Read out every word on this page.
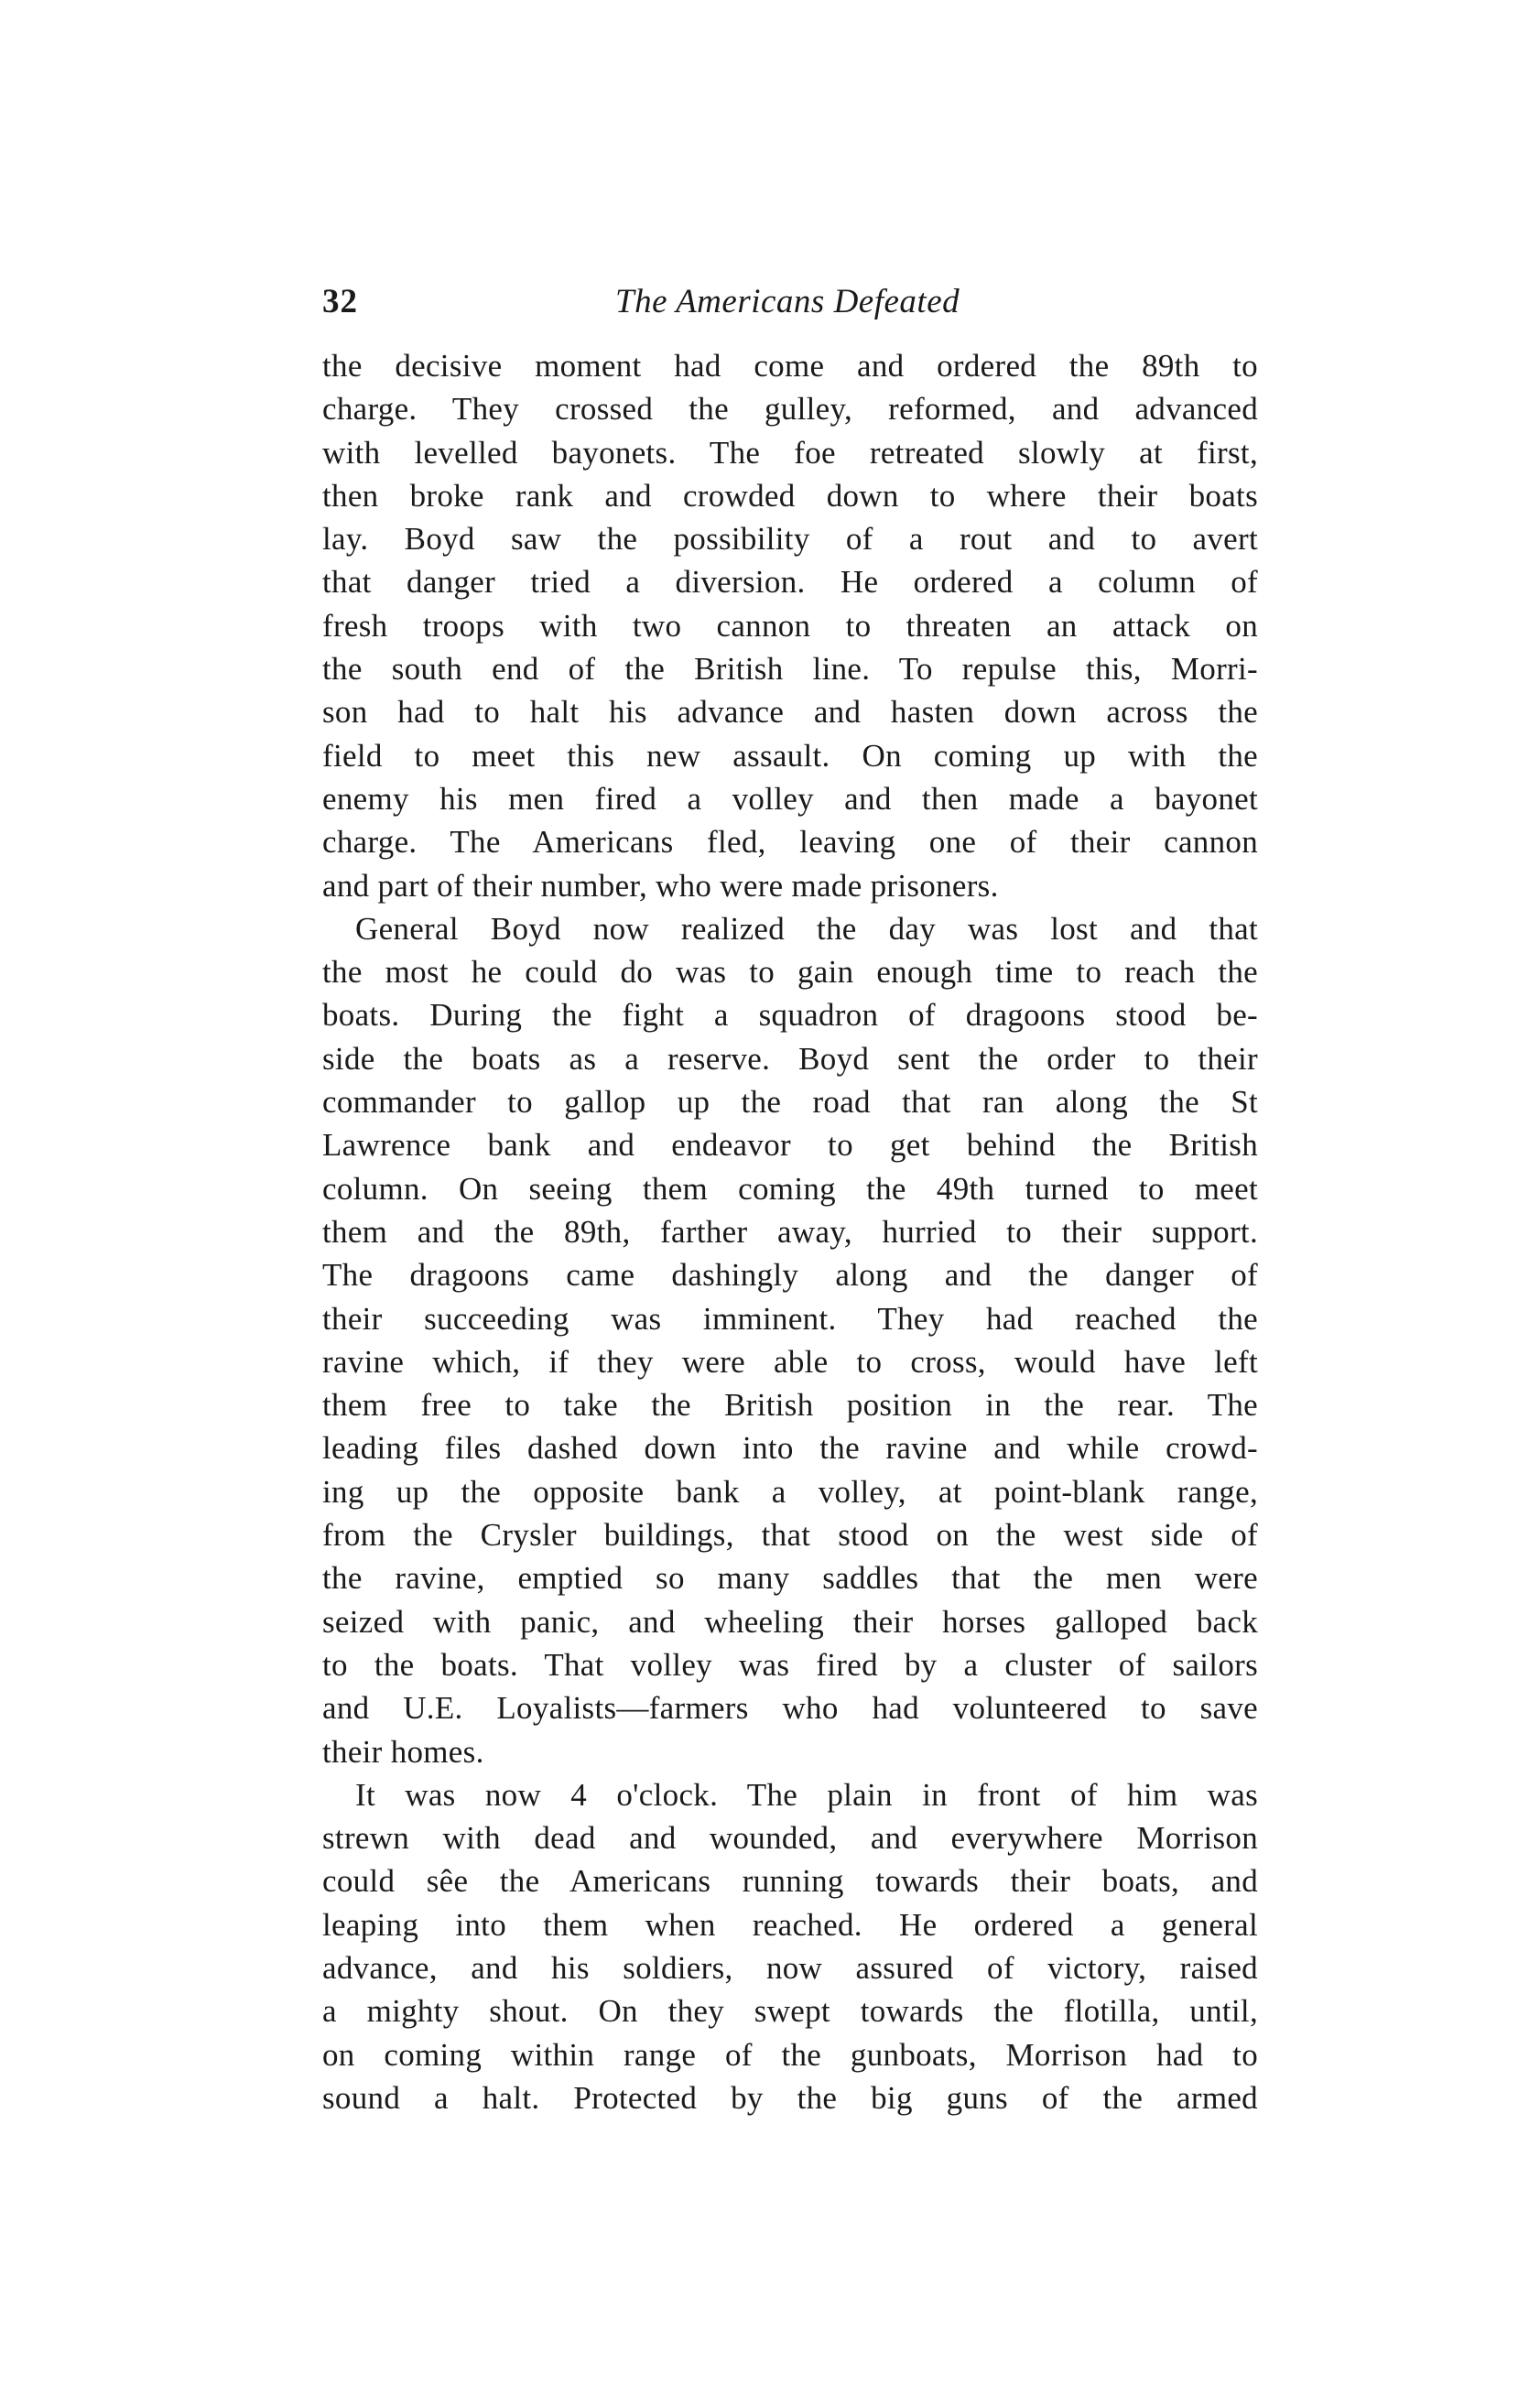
32	The Americans Defeated
the decisive moment had come and ordered the 89th to
charge. They crossed the gulley, reformed, and advanced
with levelled bayonets. The foe retreated slowly at first,
then broke rank and crowded down to where their boats
lay. Boyd saw the possibility of a rout and to avert
that danger tried a diversion. He ordered a column of
fresh troops with two cannon to threaten an attack on
the south end of the British line. To repulse this, Morri-
son had to halt his advance and hasten down across the
field to meet this new assault. On coming up with the
enemy his men fired a volley and then made a bayonet
charge. The Americans fled, leaving one of their cannon
and part of their number, who were made prisoners.
General Boyd now realized the day was lost and that
the most he could do was to gain enough time to reach the
boats. During the fight a squadron of dragoons stood be-
side the boats as a reserve. Boyd sent the order to their
commander to gallop up the road that ran along the St
Lawrence bank and endeavor to get behind the British
column. On seeing them coming the 49th turned to meet
them and the 89th, farther away, hurried to their support.
The dragoons came dashingly along and the danger of
their succeeding was imminent. They had reached the
ravine which, if they were able to cross, would have left
them free to take the British position in the rear. The
leading files dashed down into the ravine and while crowd-
ing up the opposite bank a volley, at point-blank range,
from the Crysler buildings, that stood on the west side of
the ravine, emptied so many saddles that the men were
seized with panic, and wheeling their horses galloped back
to the boats. That volley was fired by a cluster of sailors
and U.E. Loyalists—farmers who had volunteered to save
their homes.
It was now 4 o'clock. The plain in front of him was
strewn with dead and wounded, and everywhere Morrison
could sêe the Americans running towards their boats, and
leaping into them when reached. He ordered a general
advance, and his soldiers, now assured of victory, raised
a mighty shout. On they swept towards the flotilla, until,
on coming within range of the gunboats, Morrison had to
sound a halt. Protected by the big guns of the armed
